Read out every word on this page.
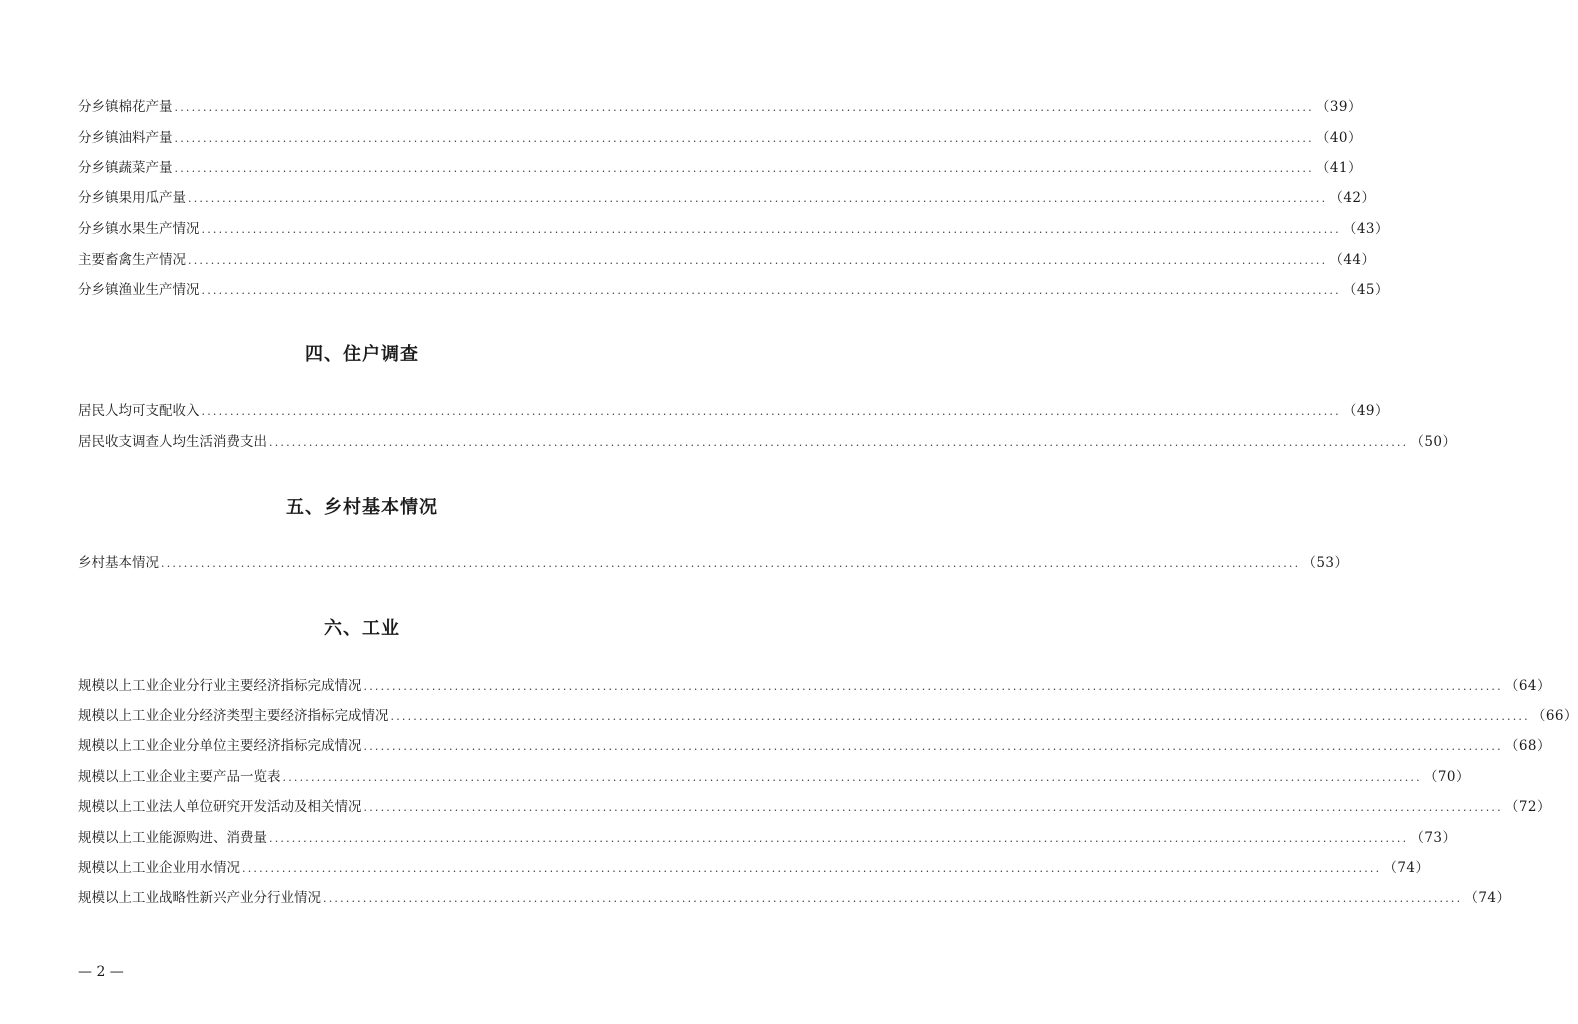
分乡镇棉花产量 ........................................................................................................................................................................................................ （39）
分乡镇油料产量 ........................................................................................................................................................................................................ （40）
分乡镇蔬菜产量 ........................................................................................................................................................................................................ （41）
分乡镇果用瓜产量 ........................................................................................................................................................................................................ （42）
分乡镇水果生产情况 ........................................................................................................................................................................................................ （43）
主要畜禽生产情况 ........................................................................................................................................................................................................ （44）
分乡镇渔业生产情况 ........................................................................................................................................................................................................ （45）
四、住户调查
居民人均可支配收入 ........................................................................................................................................................................................................ （49）
居民收支调查人均生活消费支出 ........................................................................................................................................................................................................ （50）
五、乡村基本情况
乡村基本情况 ........................................................................................................................................................................................................ （53）
六、工业
规模以上工业企业分行业主要经济指标完成情况 ........................................................................................................................................................................................................ （64）
规模以上工业企业分经济类型主要经济指标完成情况 ........................................................................................................................................................................................................ （66）
规模以上工业企业分单位主要经济指标完成情况 ........................................................................................................................................................................................................ （68）
规模以上工业企业主要产品一览表 ........................................................................................................................................................................................................ （70）
规模以上工业法人单位研究开发活动及相关情况 ........................................................................................................................................................................................................ （72）
规模以上工业能源购进、消费量 ........................................................................................................................................................................................................ （73）
规模以上工业企业用水情况 ........................................................................................................................................................................................................ （74）
规模以上工业战略性新兴产业分行业情况 ........................................................................................................................................................................................................ （74）
— 2 —
